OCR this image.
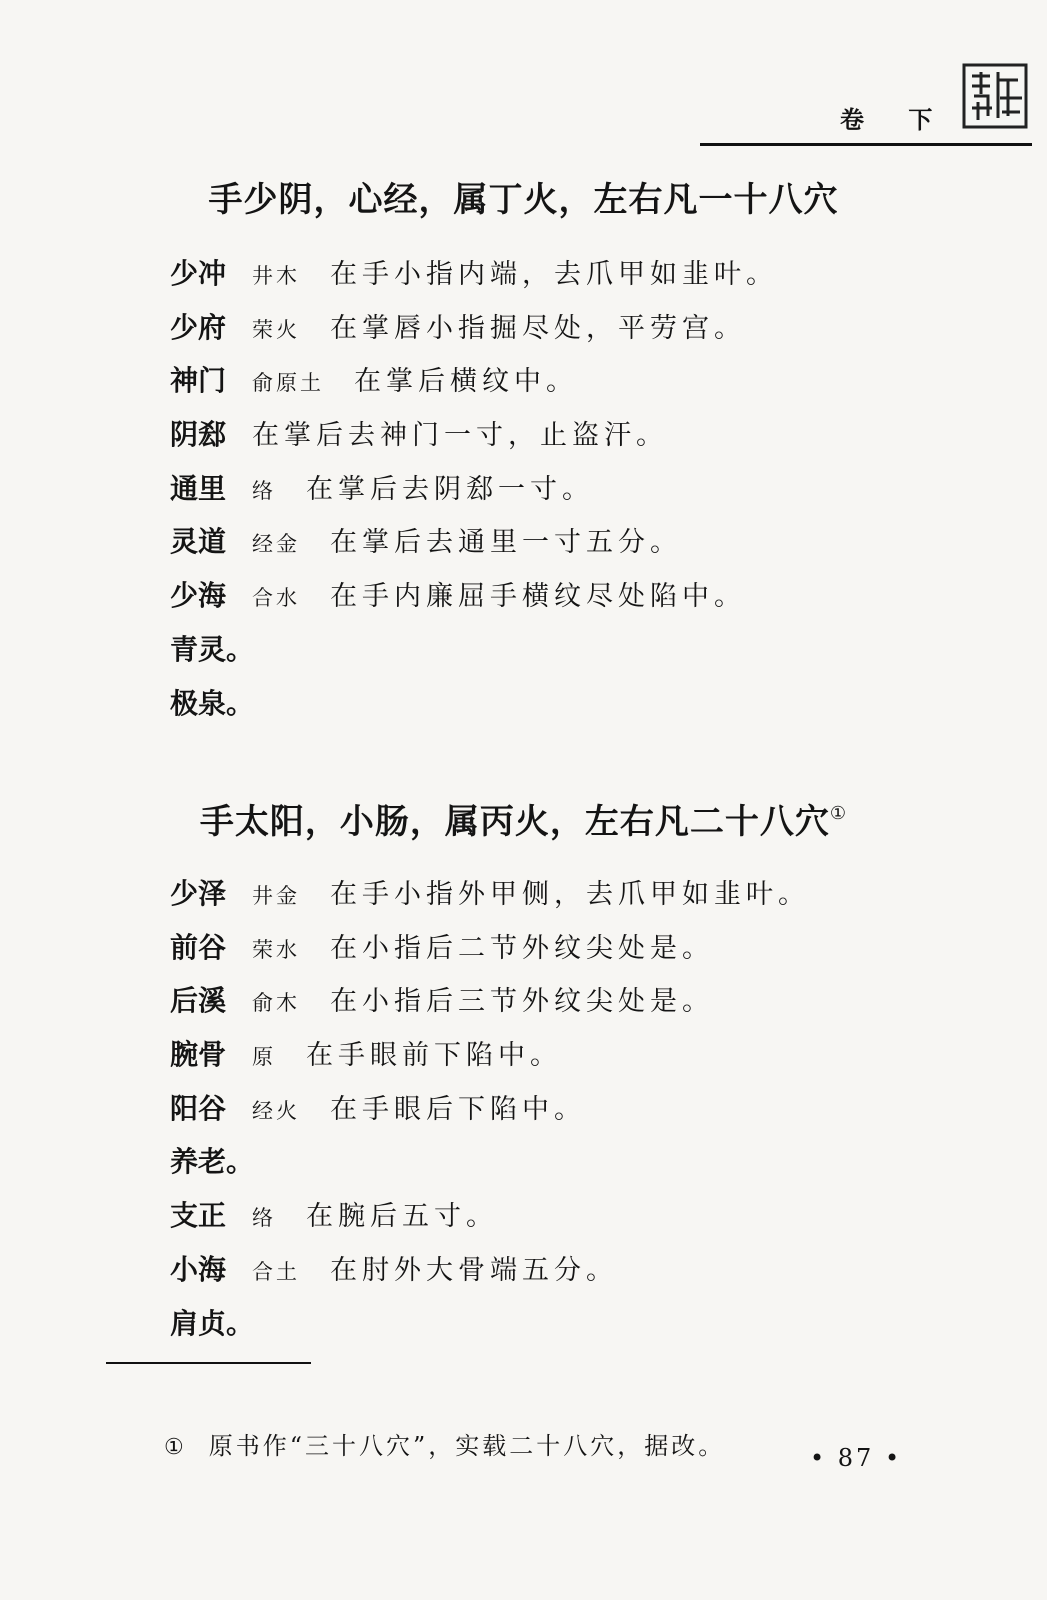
卷 下
手少阴，心经，属丁火，左右凡一十八穴
少冲 井木 在手小指内端，去爪甲如韭叶。
少府 荣火 在掌唇小指掘尽处，平劳宫。
神门 俞原土 在掌后横纹中。
阴郄 在掌后去神门一寸，止盗汗。
通里 络 在掌后去阴郄一寸。
灵道 经金 在掌后去通里一寸五分。
少海 合水 在手内廉屈手横纹尽处陷中。
青灵。
极泉。
手太阳，小肠，属丙火，左右凡二十八穴①
少泽 井金 在手小指外甲侧，去爪甲如韭叶。
前谷 荣水 在小指后二节外纹尖处是。
后溪 俞木 在小指后三节外纹尖处是。
腕骨 原 在手眼前下陷中。
阳谷 经火 在手眼后下陷中。
养老。
支正 络 在腕后五寸。
小海 合土 在肘外大骨端五分。
肩贞。
① 原书作“三十八穴”，实载二十八穴，据改。	• 87 •
